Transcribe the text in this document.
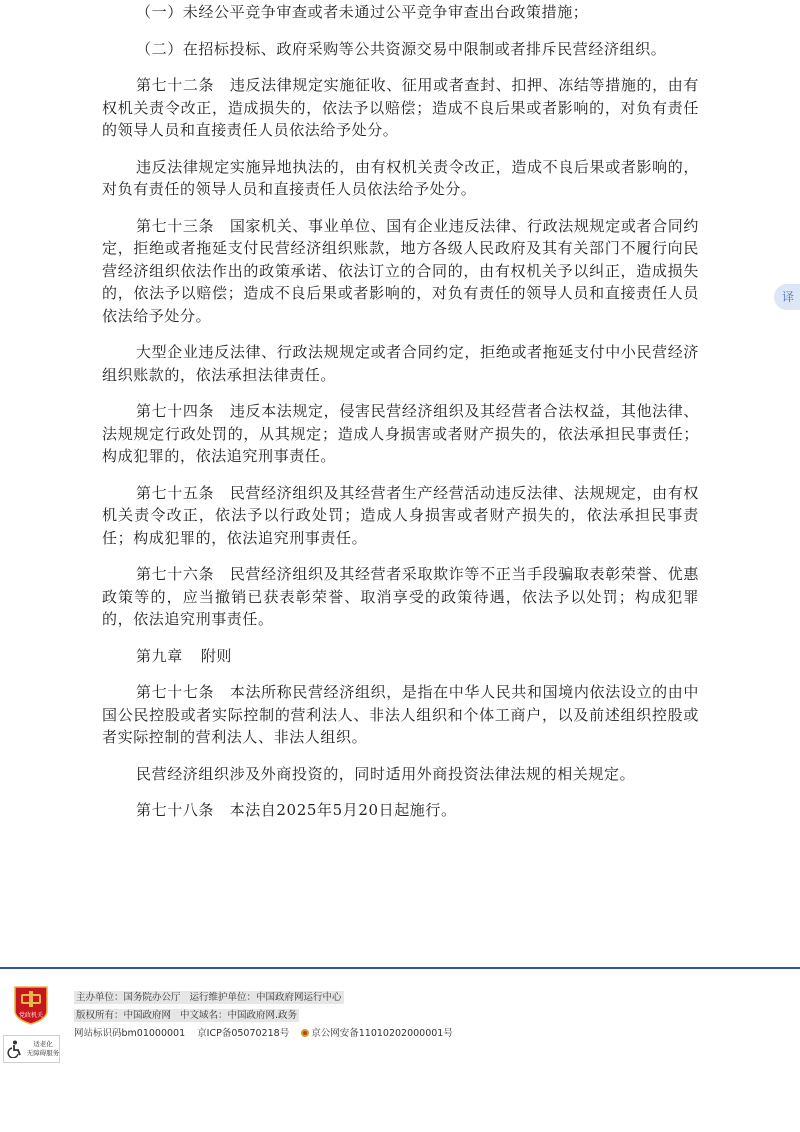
（一）未经公平竞争审查或者未通过公平竞争审查出台政策措施；

（二）在招标投标、政府采购等公共资源交易中限制或者排斥民营经济组织。

第七十二条　违反法律规定实施征收、征用或者查封、扣押、冻结等措施的，由有权机关责令改正，造成损失的，依法予以赔偿；造成不良后果或者影响的，对负有责任的领导人员和直接责任人员依法给予处分。

违反法律规定实施异地执法的，由有权机关责令改正，造成不良后果或者影响的，对负有责任的领导人员和直接责任人员依法给予处分。

第七十三条　国家机关、事业单位、国有企业违反法律、行政法规规定或者合同约定，拒绝或者拖延支付民营经济组织账款，地方各级人民政府及其有关部门不履行向民营经济组织依法作出的政策承诺、依法订立的合同的，由有权机关予以纠正，造成损失的，依法予以赔偿；造成不良后果或者影响的，对负有责任的领导人员和直接责任人员依法给予处分。

大型企业违反法律、行政法规规定或者合同约定，拒绝或者拖延支付中小民营经济组织账款的，依法承担法律责任。

第七十四条　违反本法规定，侵害民营经济组织及其经营者合法权益，其他法律、法规规定行政处罚的，从其规定；造成人身损害或者财产损失的，依法承担民事责任；构成犯罪的，依法追究刑事责任。

第七十五条　民营经济组织及其经营者生产经营活动违反法律、法规规定，由有权机关责令改正，依法予以行政处罚；造成人身损害或者财产损失的，依法承担民事责任；构成犯罪的，依法追究刑事责任。

第七十六条　民营经济组织及其经营者采取欺诈等不正当手段骗取表彰荣誉、优惠政策等的，应当撤销已获表彰荣誉、取消享受的政策待遇，依法予以处罚；构成犯罪的，依法追究刑事责任。

第九章 附则

第七十七条　本法所称民营经济组织，是指在中华人民共和国境内依法设立的由中国公民控股或者实际控制的营利法人、非法人组织和个体工商户，以及前述组织控股或者实际控制的营利法人、非法人组织。

民营经济组织涉及外商投资的，同时适用外商投资法律法规的相关规定。

第七十八条　本法自2025年5月20日起施行。

译
党政机关
适老化
无障碍服务
主办单位：国务院办公厅 运行维护单位：中国政府网运行中心
版权所有：中国政府网 中文域名：中国政府网.政务
网站标识码bm01000001 京ICP备05070218号 京公网安备11010202000001号
